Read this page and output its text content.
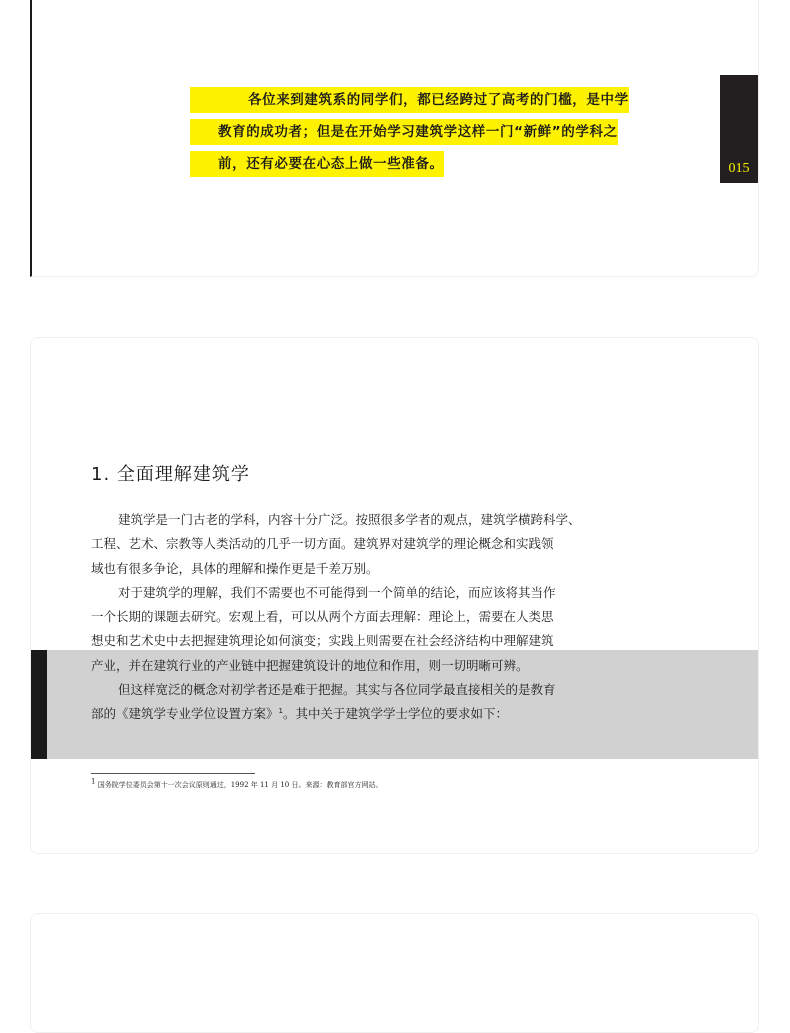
各位来到建筑系的同学们，都已经跨过了高考的门槛，是中学
教育的成功者；但是在开始学习建筑学这样一门“新鲜”的学科之
前，还有必要在心态上做一些准备。	015
1. 全面理解建筑学
建筑学是一门古老的学科，内容十分广泛。按照很多学者的观点，建筑学横跨科学、
工程、艺术、宗教等人类活动的几乎一切方面。建筑界对建筑学的理论概念和实践领
域也有很多争论，具体的理解和操作更是千差万别。
对于建筑学的理解，我们不需要也不可能得到一个简单的结论，而应该将其当作
一个长期的课题去研究。宏观上看，可以从两个方面去理解：理论上，需要在人类思
想史和艺术史中去把握建筑理论如何演变；实践上则需要在社会经济结构中理解建筑
产业，并在建筑行业的产业链中把握建筑设计的地位和作用，则一切明晰可辨。
但这样宽泛的概念对初学者还是难于把握。其实与各位同学最直接相关的是教育
部的《建筑学专业学位设置方案》$^1$。其中关于建筑学学士学位的要求如下：
$^1$ 国务院学位委员会第十一次会议原则通过，1992 年 11 月 10 日。来源：教育部官方网站。
